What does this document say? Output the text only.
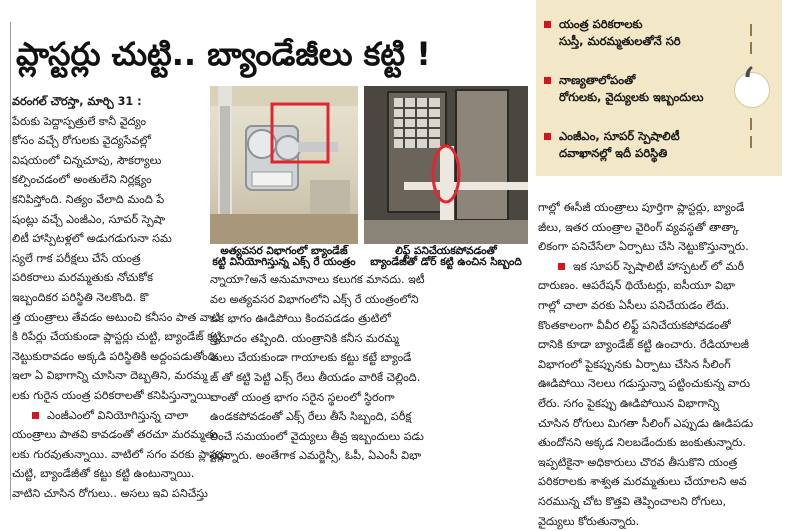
ప్లాస్టర్లు చుట్టి.. బ్యాండేజీలు కట్టి !
అత్యవసర విభాగంలో బ్యాండేజ్
కట్టి వినియోగిస్తున్న ఎక్స్ రే యంత్రం
లిఫ్ట్ పనిచేయకపోవడంతో
బ్యాండేజీతో డోర్ కట్టి ఉంచిన సిబ్బంది

వరంగల్ చౌరస్తా, మార్చి 31 :

పేరుకు పెద్దాస్పత్రులే కానీ వైద్యం

కోసం వచ్చే రోగులకు వైద్యసేవల్లో

విషయంలో చిన్నచూపు, సౌకర్యాలు

కల్పించడంలో అంతులేని నిర్లక్ష్యం

కనిపిస్తోంది. నిత్యం వేలాది మంది పే

షంట్లు వచ్చే ఎంజీఎం, సూపర్ స్పెషా

లిటీ హాస్పిటళ్లలో అడుగడుగునా సమ

స్యలే గాక పరీక్షలు చేసే యంత్ర

పరికరాలు మరమ్మతుకు నోచుకోక

ఇబ్బందికర పరిస్థితి నెలకొంది. కొ

త్త యంత్రాలు తేవడం అటుంచి కనీసం పాత వాటి

కి రిపేర్లు చేయకుండా ప్లాస్టర్లు చుట్టి, బ్యాండేజ్ కట్టి

నెట్టుకురావడం అక్కడి పరిస్థితికి అద్దంపడుతోంది.

ఇలా ఏ విభాగాన్ని చూసినా దెబ్బతిని, మరమ్మ

లకు గురైన యంత్ర పరికరాలతో కనిపిస్తున్నాయి.

ఎంజీఎంలో వినియోగిస్తున్న చాలా

యంత్రాలు పాతవి కావడంతో తరచూ మరమ్మతు

లకు గురవుతున్నాయి. వాటిలో సగం వరకు ప్లాస్టర్లు

చుట్టి, బ్యాండేజీతో కట్టు కట్టి ఉంటున్నాయి.

వాటిని చూసిన రోగులు.. అసలు ఇవి పనిచేస్తు

న్నాయా?అనే అనుమానాలు కలుగక మానదు. ఇటీ

వల అత్యవసర విభాగంలోని ఎక్స్ రే యంత్రంలోని

ఒక భాగం ఊడిపోయి కిందపడడం త్రుటిలో

ప్రమాదం తప్పింది. యంత్రానికి కనీస మరమ్మ

తులు చేయకుండా గాయాలకు కట్టు కట్టే బ్యాండే

జ్ తో కట్టి పెట్టి ఎక్స్ రేలు తీయడం వారికే చెల్లింది.

దాంతో యంత్ర భాగం సరైన స్థలంలో స్థిరంగా

ఉండకపోవడంతో ఎక్స్ రేలు తీసే సిబ్బంది, పరీక్ష

లించే సమయంలో వైద్యులు తీవ్ర ఇబ్బందులు పడు

తున్నారు. అంతేగాక ఎమర్జెన్సీ, ఓపీ, ఏఎంసీ విభా

గాల్లో ఈసీజీ యంత్రాలు పూర్తిగా ప్లాస్టర్లు, బ్యాండే

జీలు, ఇతర యంత్రాల వైరింగ్ వ్యవస్థతో తాత్కా

లికంగా పనిచేసేలా ఏర్పాటు చేసి నెట్టుకొస్తున్నారు.

ఇక సూపర్ స్పెషాలిటీ హాస్పటల్ లో మరీ

దారుణం. ఆపరేషన్ థియేటర్లు, ఐసీయూ విభా

గాల్లో చాలా వరకు ఏసీలు పనిచేయడం లేదు.

కొంతకాలంగా వీవీర లిఫ్ట్ పనిచేయకపోవడంతో

దానికి కూడా బ్యాండేజ్ కట్టి ఉంచారు. రేడియాలజీ

విభాగంలో పైకప్పునకు ఏర్పాటు చేసిన సీలింగ్

ఊడిపోయి నెలలు గడుస్తున్నా పట్టించుకున్న వారు

లేరు. సగం పైకప్పు ఊడిపోయిన విభాగాన్ని

చూసిన రోగులు మిగతా సీలింగ్ ఎప్పుడు ఊడిపడు

తుందోనని అక్కడ నిలబడేందుకు జంకుతున్నారు.

ఇప్పటికైనా అధికారులు చొరవ తీసుకొని యంత్ర

పరికరాలకు శాశ్వత మరమ్మతులు చేయాలని అవ

సరమున్న చోట కొత్తవి తెప్పించాలని రోగులు,

వైద్యులు కోరుతున్నారు.

యంత్ర పరికరాలకు
సుస్తీ, మరమ్మతులతోనే సరి
నాణ్యతాలోపంతో
రోగులకు, వైద్యులకు ఇబ్బందులు
ఎంజీఎం, సూపర్ స్పెషాలిటీ
దవాఖానల్లో ఇదీ పరిస్థితి
‘
